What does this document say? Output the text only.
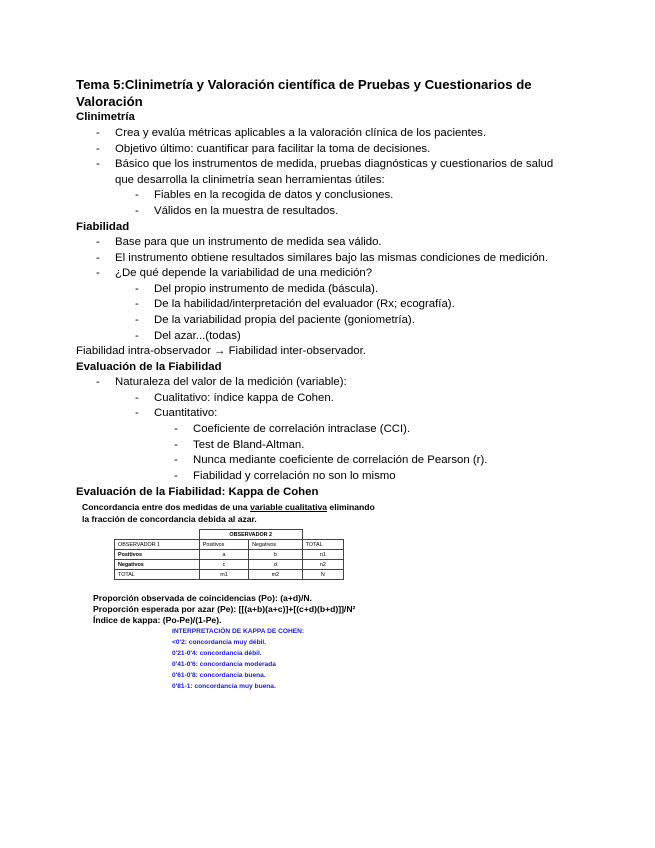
Tema 5:Clinimetría y Valoración científica de Pruebas y Cuestionarios de Valoración
Clinimetría
- Crea y evalúa métricas aplicables a la valoración clínica de los pacientes.
- Objetivo último: cuantificar para facilitar la toma de decisiones.
- Básico que los instrumentos de medida, pruebas diagnósticas y cuestionarios de salud
que desarrolla la clinimetría sean herramientas útiles:
- Fiables en la recogida de datos y conclusiones.
- Válidos en la muestra de resultados.
Fiabilidad
- Base para que un instrumento de medida sea válido.
- El instrumento obtiene resultados similares bajo las mismas condiciones de medición.
- ¿De qué depende la variabilidad de una medición?
- Del propio instrumento de medida (báscula).
- De la habilidad/interpretación del evaluador (Rx; ecografía).
- De la variabilidad propia del paciente (goniometría).
- Del azar...(todas)
Fiabilidad intra-observador → Fiabilidad inter-observador.
Evaluación de la Fiabilidad
- Naturaleza del valor de la medición (variable):
- Cualitativo: índice kappa de Cohen.
- Cuantitativo:
- Coeficiente de correlación intraclase (CCI).
- Test de Bland-Altman.
- Nunca mediante coeficiente de correlación de Pearson (r).
- Fiabilidad y correlación no son lo mismo
Evaluación de la Fiabilidad: Kappa de Cohen
Concordancia entre dos medidas de una variable cualitativa eliminando
la fracción de concordancia debida al azar.
	OBSERVADOR 2		
OBSERVADOR 1	Positivos	Negativos	TOTAL
Positivos	a	b	n1
Negativos	c	d	n2
TOTAL	m1	m2	N
Proporción observada de coincidencias (Po): (a+d)/N.
Proporción esperada por azar (Pe): [[(a+b)(a+c)]+[(c+d)(b+d)]]/N²
Índice de kappa: (Po-Pe)/(1-Pe).
INTERPRETACIÓN DE KAPPA DE COHEN:
<0'2: concordancia muy débil.
0'21-0'4: concordancia débil.
0'41-0'6: concordancia moderada
0'61-0'8: concordancia buena.
0'81-1: concordancia muy buena.
